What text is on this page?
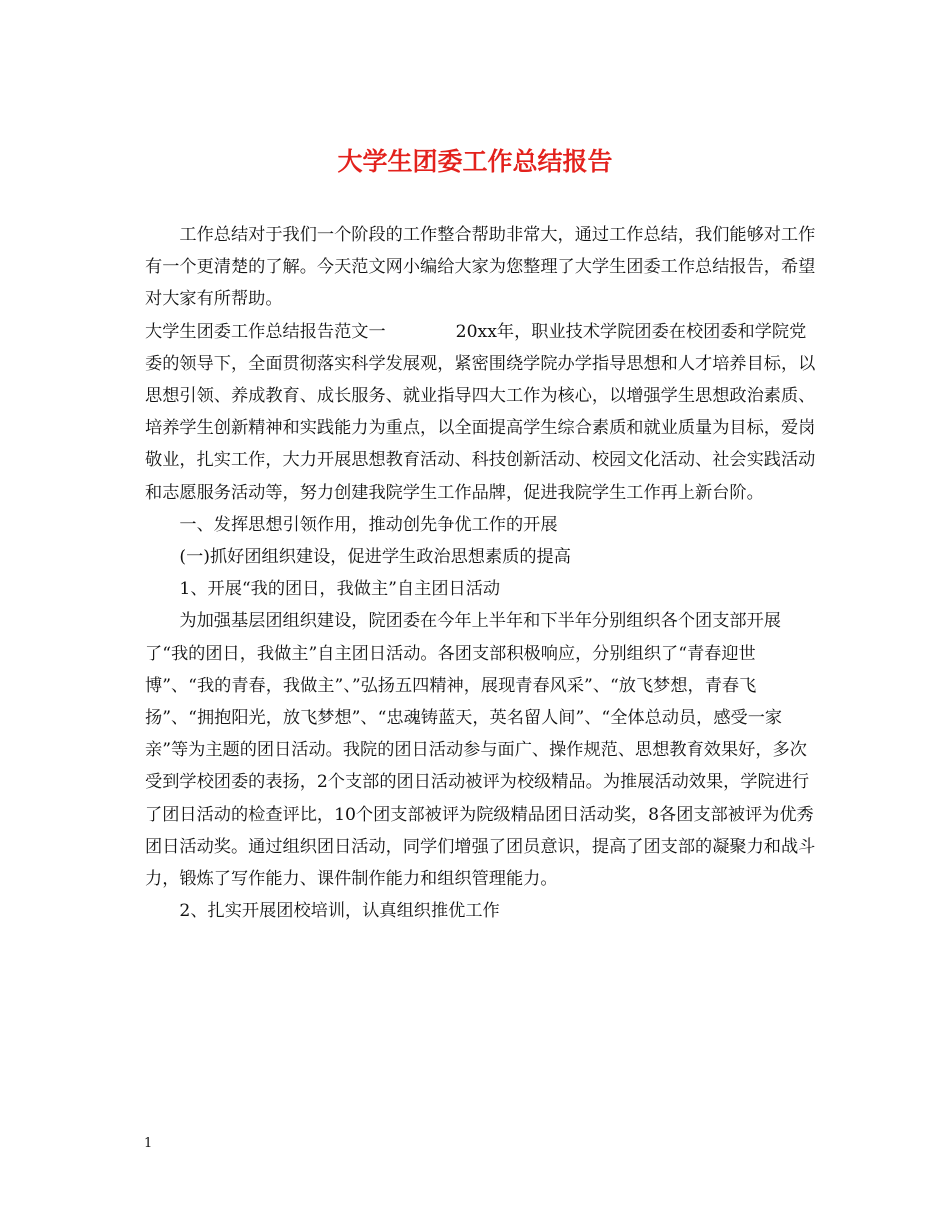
大学生团委工作总结报告

工作总结对于我们一个阶段的工作整合帮助非常大，通过工作总结，我们能够对工作有一个更清楚的了解。今天范文网小编给大家为您整理了大学生团委工作总结报告，希望对大家有所帮助。

大学生团委工作总结报告范文一	20xx年，职业技术学院团委在校团委和学院党委的领导下，全面贯彻落实科学发展观，紧密围绕学院办学指导思想和人才培养目标，以思想引领、养成教育、成长服务、就业指导四大工作为核心，以增强学生思想政治素质、培养学生创新精神和实践能力为重点，以全面提高学生综合素质和就业质量为目标，爱岗敬业，扎实工作，大力开展思想教育活动、科技创新活动、校园文化活动、社会实践活动和志愿服务活动等，努力创建我院学生工作品牌，促进我院学生工作再上新台阶。

一、发挥思想引领作用，推动创先争优工作的开展

(一)抓好团组织建设，促进学生政治思想素质的提高

1、开展“我的团日，我做主”自主团日活动

为加强基层团组织建设，院团委在今年上半年和下半年分别组织各个团支部开展了“我的团日，我做主”自主团日活动。各团支部积极响应，分别组织了“青春迎世博”、“我的青春，我做主”、”弘扬五四精神，展现青春风采”、“放飞梦想，青春飞扬”、“拥抱阳光，放飞梦想”、“忠魂铸蓝天，英名留人间”、“全体总动员，感受一家亲”等为主题的团日活动。我院的团日活动参与面广、操作规范、思想教育效果好，多次受到学校团委的表扬，2个支部的团日活动被评为校级精品。为推展活动效果，学院进行了团日活动的检查评比，10个团支部被评为院级精品团日活动奖，8各团支部被评为优秀团日活动奖。通过组织团日活动，同学们增强了团员意识，提高了团支部的凝聚力和战斗力，锻炼了写作能力、课件制作能力和组织管理能力。

2、扎实开展团校培训，认真组织推优工作

1
